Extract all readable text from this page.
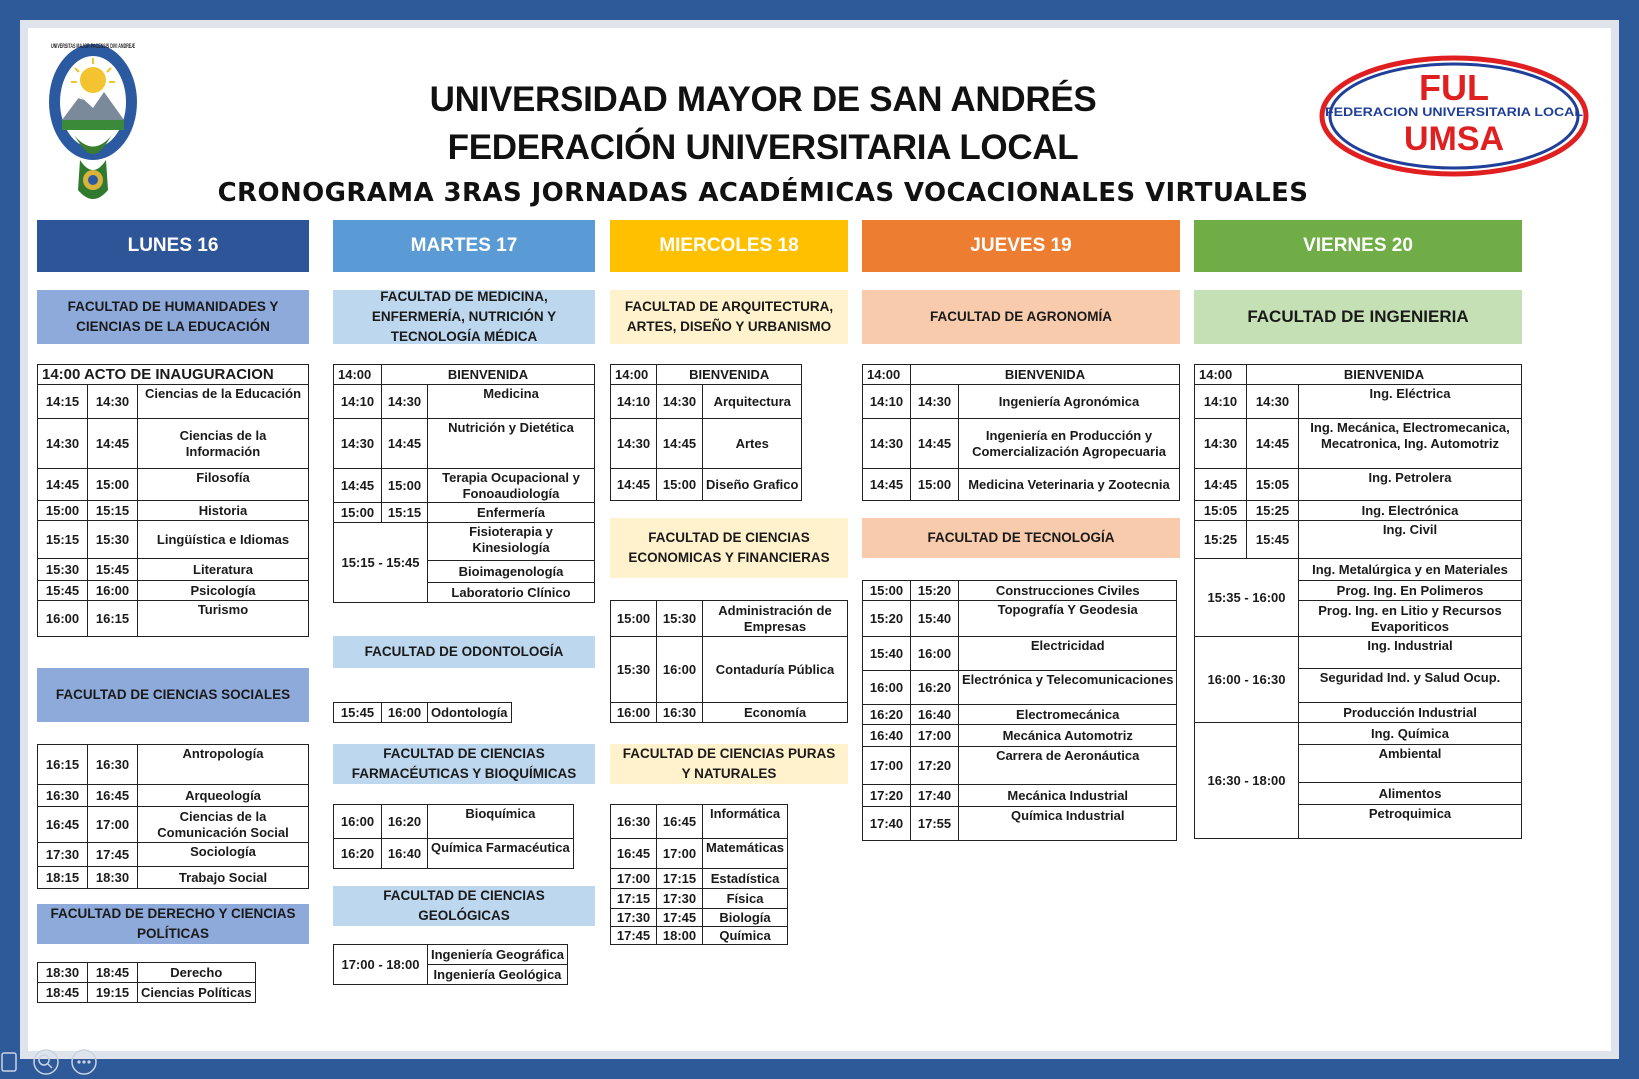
UNIVERSITAS MAJOR PACENSIS DIVI ANDREÆ
UNIVERSIDAD MAYOR DE SAN ANDRÉS
FEDERACIÓN UNIVERSITARIA LOCAL
CRONOGRAMA 3RAS JORNADAS ACADÉMICAS VOCACIONALES VIRTUALES
FUL
FEDERACION UNIVERSITARIA LOCAL
UMSA
LUNES 16
FACULTAD DE HUMANIDADES Y CIENCIAS DE LA EDUCACIÓN
14:00 ACTO DE INAUGURACION		
14:15	14:30	Ciencias de la Educación
14:30	14:45	Ciencias de la Información
14:45	15:00	Filosofía
15:00	15:15	Historia
15:15	15:30	Lingüística e Idiomas
15:30	15:45	Literatura
15:45	16:00	Psicología
16:00	16:15	Turismo
FACULTAD DE CIENCIAS SOCIALES
16:15	16:30	Antropología
16:30	16:45	Arqueología
16:45	17:00	Ciencias de la Comunicación Social
17:30	17:45	Sociología
18:15	18:30	Trabajo Social
FACULTAD DE DERECHO Y CIENCIAS POLÍTICAS
18:30	18:45	Derecho
18:45	19:15	Ciencias Políticas
MARTES 17
FACULTAD DE MEDICINA, ENFERMERÍA, NUTRICIÓN Y TECNOLOGÍA MÉDICA
14:00	BIENVENIDA	
14:10	14:30	Medicina
14:30	14:45	Nutrición y Dietética
14:45	15:00	Terapia Ocupacional y Fonoaudiología
15:00	15:15	Enfermería
15:15 - 15:45		Fisioterapia y Kinesiología
		Bioimagenología
		Laboratorio Clínico
FACULTAD DE ODONTOLOGÍA
15:45	16:00	Odontología
FACULTAD DE CIENCIAS FARMACÉUTICAS Y BIOQUÍMICAS
16:00	16:20	Bioquímica
16:20	16:40	Química Farmacéutica
FACULTAD DE CIENCIAS GEOLÓGICAS
17:00 - 18:00	Ingeniería Geográfica
Ingeniería Geológica
MIERCOLES 18
FACULTAD DE ARQUITECTURA, ARTES, DISEÑO Y URBANISMO
14:00	BIENVENIDA	
14:10	14:30	Arquitectura
14:30	14:45	Artes
14:45	15:00	Diseño Grafico
FACULTAD DE CIENCIAS ECONOMICAS Y FINANCIERAS
15:00	15:30	Administración de Empresas
15:30	16:00	Contaduría Pública
16:00	16:30	Economía
FACULTAD DE CIENCIAS PURAS Y NATURALES
16:30	16:45	Informática
16:45	17:00	Matemáticas
17:00	17:15	Estadística
17:15	17:30	Física
17:30	17:45	Biología
17:45	18:00	Química
JUEVES 19
FACULTAD DE AGRONOMÍA
14:00	BIENVENIDA	
14:10	14:30	Ingeniería Agronómica
14:30	14:45	Ingeniería en Producción y Comercialización Agropecuaria
14:45	15:00	Medicina Veterinaria y Zootecnia
FACULTAD DE TECNOLOGÍA
15:00	15:20	Construcciones Civiles
15:20	15:40	Topografía Y Geodesia
15:40	16:00	Electricidad
16:00	16:20	Electrónica y Telecomunicaciones
16:20	16:40	Electromecánica
16:40	17:00	Mecánica Automotriz
17:00	17:20	Carrera de Aeronáutica
17:20	17:40	Mecánica Industrial
17:40	17:55	Química Industrial
VIERNES 20
FACULTAD DE INGENIERIA
14:00	BIENVENIDA	
14:10	14:30	Ing. Eléctrica
14:30	14:45	Ing. Mecánica, Electromecanica, Mecatronica, Ing. Automotriz
14:45	15:05	Ing. Petrolera
15:05	15:25	Ing. Electrónica
15:25	15:45	Ing. Civil
15:35 - 16:00		Ing. Metalúrgica y en Materiales
		Prog. Ing. En Polimeros
		Prog. Ing. en Litio y Recursos Evaporiticos
16:00 - 16:30		Ing. Industrial
		Seguridad Ind. y Salud Ocup.
		Producción Industrial
16:30 - 18:00		Ing. Química
		Ambiental
		Alimentos
		Petroquimica
